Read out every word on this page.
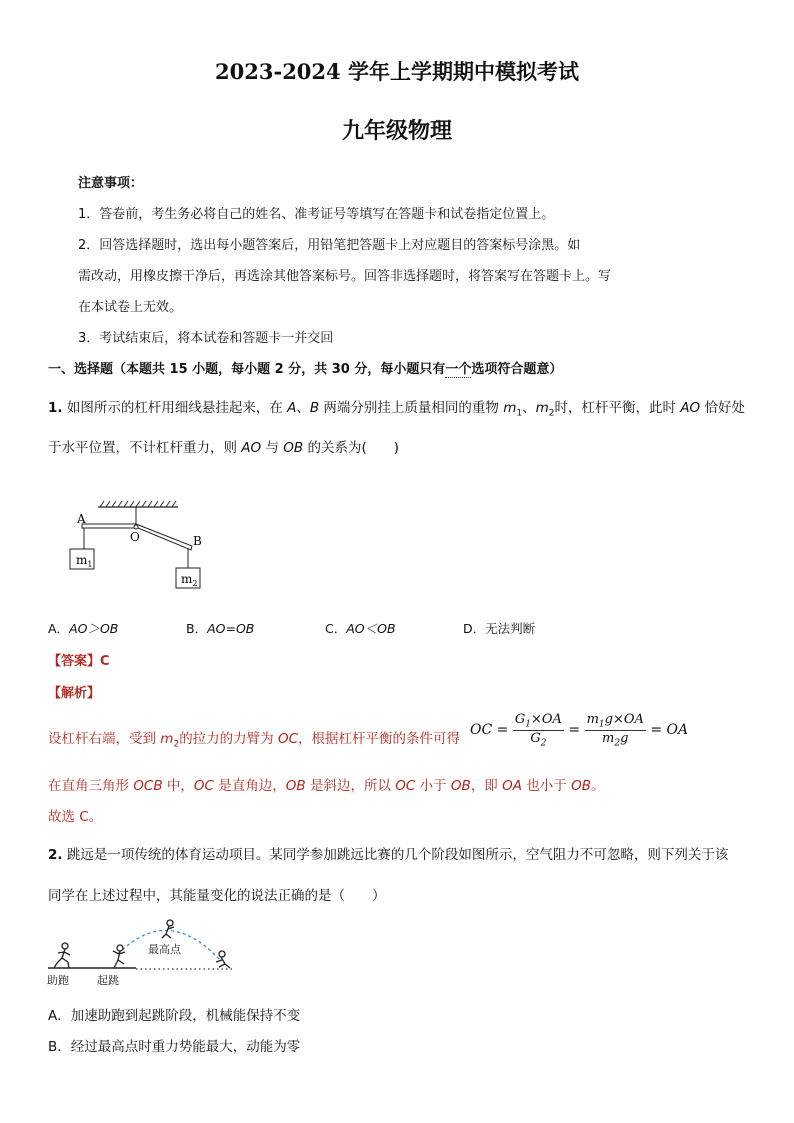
2023-2024 学年上学期期中模拟考试
九年级物理
注意事项：
1．答卷前，考生务必将自己的姓名、准考证号等填写在答题卡和试卷指定位置上。
2．回答选择题时，选出每小题答案后，用铅笔把答题卡上对应题目的答案标号涂黑。如
需改动，用橡皮擦干净后，再选涂其他答案标号。回答非选择题时，将答案写在答题卡上。写
在本试卷上无效。
3．考试结束后，将本试卷和答题卡一并交回
一、选择题（本题共 15 小题，每小题 2 分，共 30 分，每小题只有一个选项符合题意）
1. 如图所示的杠杆用细线悬挂起来，在 A、B 两端分别挂上质量相同的重物 $m_1$、$m_2$时，杠杆平衡，此时 AO 恰好处
于水平位置，不计杠杆重力，则 AO 与 OB 的关系为(　　)
$m_1$
$m_2$
A
O	B
A．AO＞OB	B．AO=OB	C．AO＜OB	D．无法判断
【答案】C
【解析】
设杠杆右端，受到 $m_2$的拉力的力臂为 OC，根据杠杆平衡的条件可得
OC = $\frac{G_1\times OA}{G_2} = \frac{m_1g\times OA}{m_2g}$ = OA
在直角三角形 OCB 中，OC 是直角边，OB 是斜边，所以 OC 小于 OB，即 OA 也小于 OB。
故选 C。
2. 跳远是一项传统的体育运动项目。某同学参加跳远比赛的几个阶段如图所示，空气阻力不可忽略，则下列关于该
同学在上述过程中，其能量变化的说法正确的是（　　）
最高点
助跑	起跳
A．加速助跑到起跳阶段，机械能保持不变
B．经过最高点时重力势能最大，动能为零
